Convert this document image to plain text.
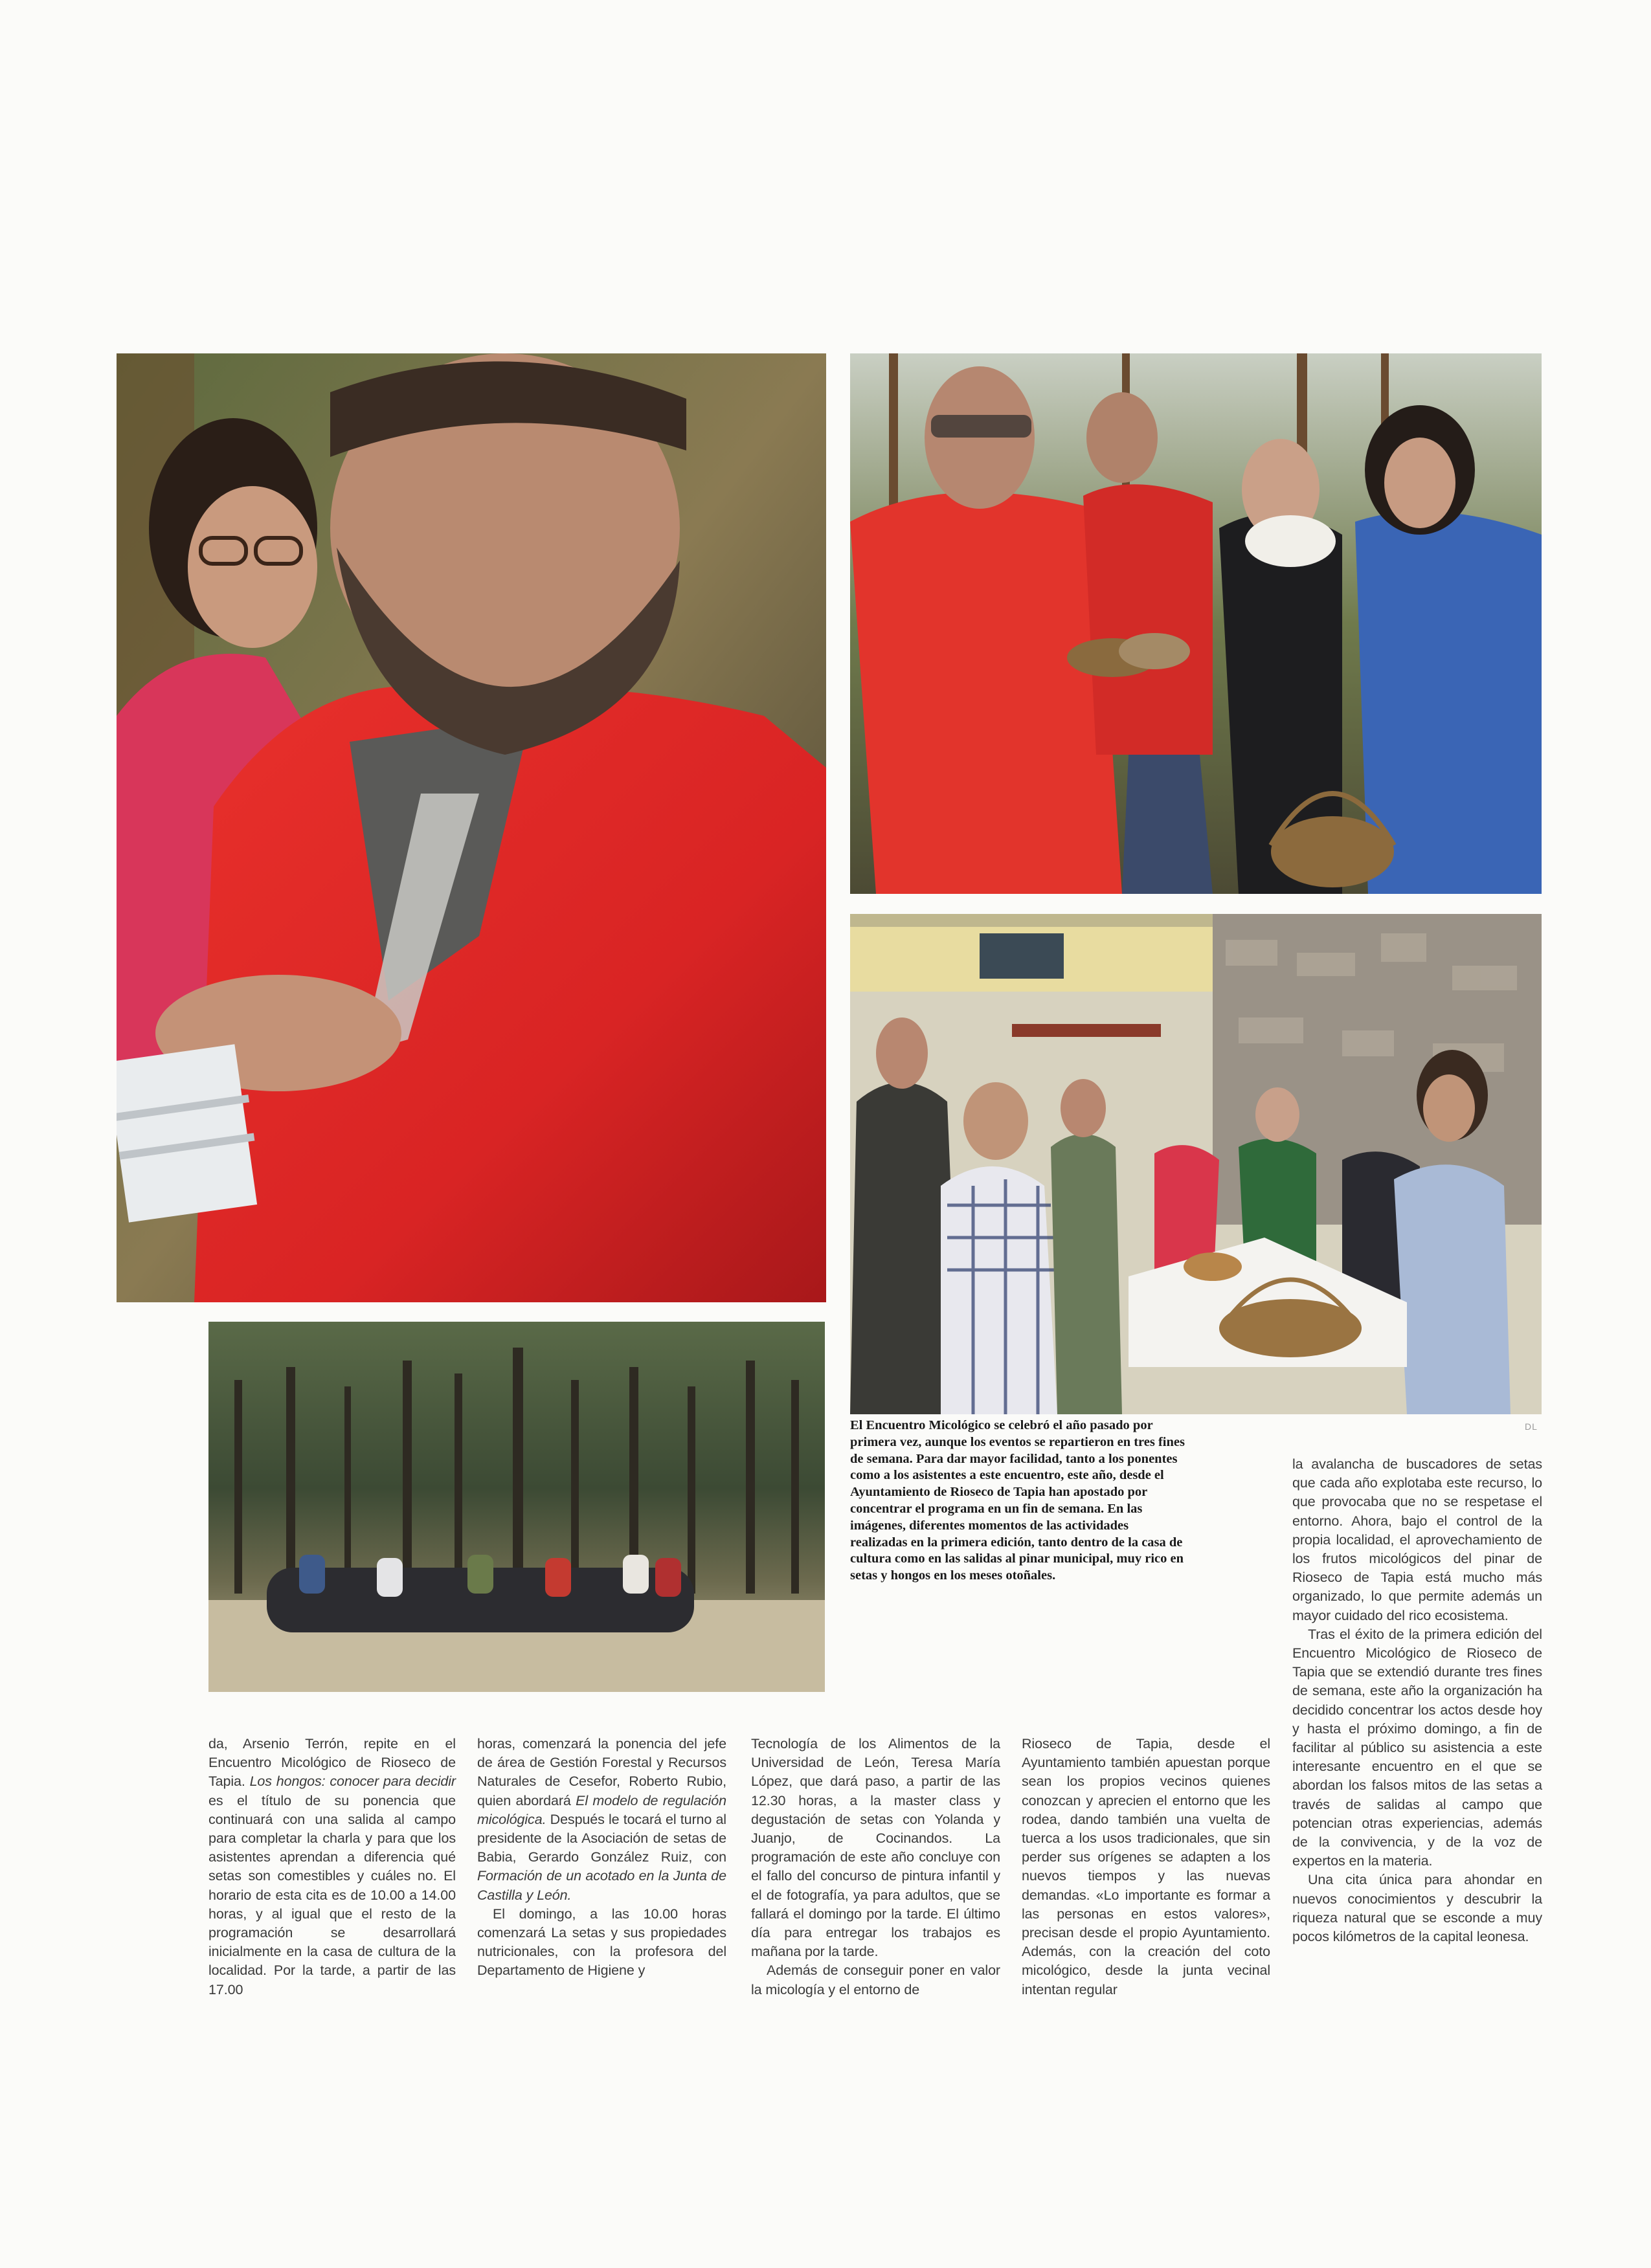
DL
El Encuentro Micológico se celebró el año pasado por primera vez, aunque los eventos se repartieron en tres fines de semana. Para dar mayor facilidad, tanto a los ponentes como a los asistentes a este encuentro, este año, desde el Ayuntamiento de Rioseco de Tapia han apostado por concentrar el programa en un fin de semana. En las imágenes, diferentes momentos de las actividades realizadas en la primera edición, tanto dentro de la casa de cultura como en las salidas al pinar municipal, muy rico en setas y hongos en los meses otoñales.

da, Arsenio Terrón, repite en el Encuentro Micológico de Rioseco de Tapia. Los hongos: conocer para decidir es el título de su ponencia que continuará con una salida al campo para completar la charla y para que los asistentes aprendan a diferencia qué setas son comestibles y cuáles no. El horario de esta cita es de 10.00 a 14.00 horas, y al igual que el resto de la programación se desarrollará inicialmente en la casa de cultura de la localidad. Por la tarde, a partir de las 17.00

horas, comenzará la ponencia del jefe de área de Gestión Forestal y Recursos Naturales de Cesefor, Roberto Rubio, quien abordará El modelo de regulación micológica. Después le tocará el turno al presidente de la Asociación de setas de Babia, Gerardo González Ruiz, con Formación de un acotado en la Junta de Castilla y León.

El domingo, a las 10.00 horas comenzará La setas y sus propiedades nutricionales, con la profesora del Departamento de Higiene y

Tecnología de los Alimentos de la Universidad de León, Teresa María López, que dará paso, a partir de las 12.30 horas, a la master class y degustación de setas con Yolanda y Juanjo, de Cocinandos. La programación de este año concluye con el fallo del concurso de pintura infantil y el de fotografía, ya para adultos, que se fallará el domingo por la tarde. El último día para entregar los trabajos es mañana por la tarde.

Además de conseguir poner en valor la micología y el entorno de

Rioseco de Tapia, desde el Ayuntamiento también apuestan porque sean los propios vecinos quienes conozcan y aprecien el entorno que les rodea, dando también una vuelta de tuerca a los usos tradicionales, que sin perder sus orígenes se adapten a los nuevos tiempos y las nuevas demandas. «Lo importante es formar a las personas en estos valores», precisan desde el propio Ayuntamiento. Además, con la creación del coto micológico, desde la junta vecinal intentan regular

la avalancha de buscadores de setas que cada año explotaba este recurso, lo que provocaba que no se respetase el entorno. Ahora, bajo el control de la propia localidad, el aprovechamiento de los frutos micológicos del pinar de Rioseco de Tapia está mucho más organizado, lo que permite además un mayor cuidado del rico ecosistema.

Tras el éxito de la primera edición del Encuentro Micológico de Rioseco de Tapia que se extendió durante tres fines de semana, este año la organización ha decidido concentrar los actos desde hoy y hasta el próximo domingo, a fin de facilitar al público su asistencia a este interesante encuentro en el que se abordan los falsos mitos de las setas a través de salidas al campo que potencian otras experiencias, además de la convivencia, y de la voz de expertos en la materia.

Una cita única para ahondar en nuevos conocimientos y descubrir la riqueza natural que se esconde a muy pocos kilómetros de la capital leonesa.
